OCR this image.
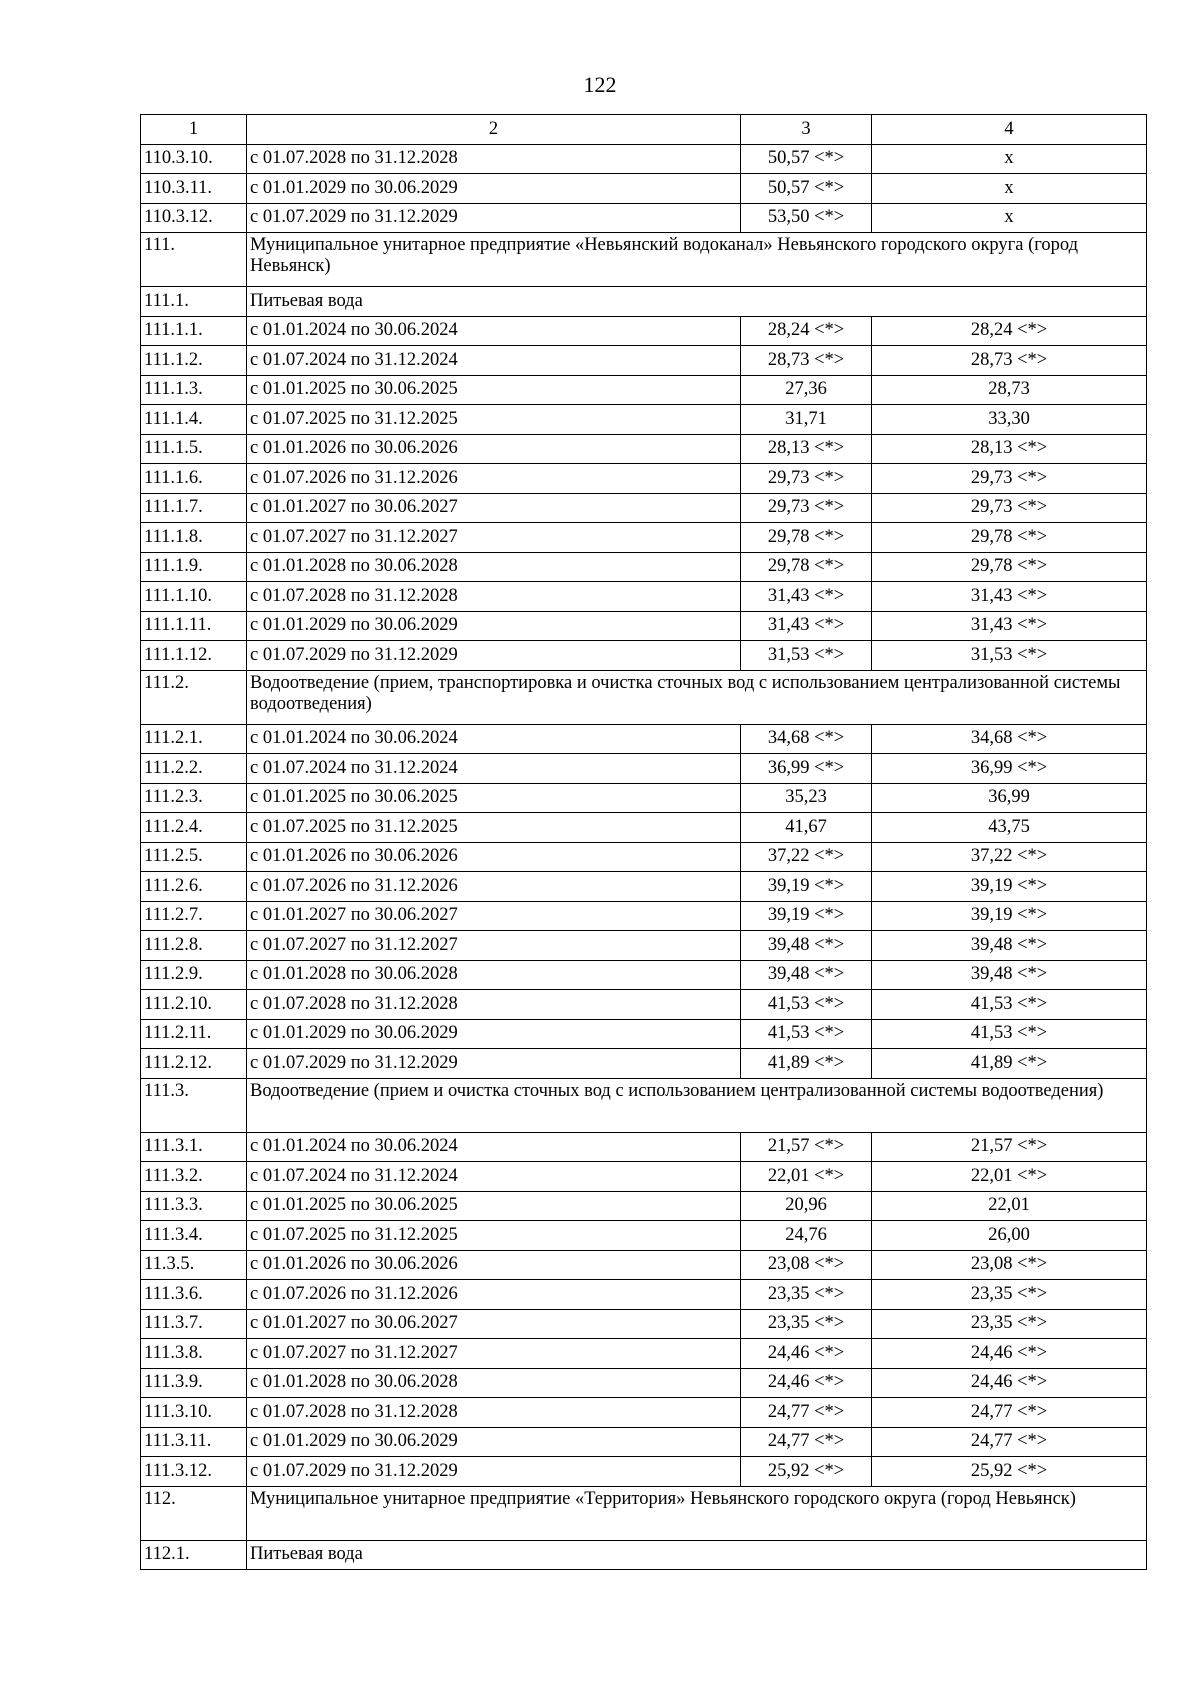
122
1	2	3	4
110.3.10.	с 01.07.2028 по 31.12.2028	50,57 <*>	х
110.3.11.	с 01.01.2029 по 30.06.2029	50,57 <*>	х
110.3.12.	с 01.07.2029 по 31.12.2029	53,50 <*>	х
111.	Муниципальное унитарное предприятие «Невьянский водоканал» Невьянского городского округа (город Невьянск)		
111.1.	Питьевая вода		
111.1.1.	с 01.01.2024 по 30.06.2024	28,24 <*>	28,24 <*>
111.1.2.	с 01.07.2024 по 31.12.2024	28,73 <*>	28,73 <*>
111.1.3.	с 01.01.2025 по 30.06.2025	27,36	28,73
111.1.4.	с 01.07.2025 по 31.12.2025	31,71	33,30
111.1.5.	с 01.01.2026 по 30.06.2026	28,13 <*>	28,13 <*>
111.1.6.	с 01.07.2026 по 31.12.2026	29,73 <*>	29,73 <*>
111.1.7.	с 01.01.2027 по 30.06.2027	29,73 <*>	29,73 <*>
111.1.8.	с 01.07.2027 по 31.12.2027	29,78 <*>	29,78 <*>
111.1.9.	с 01.01.2028 по 30.06.2028	29,78 <*>	29,78 <*>
111.1.10.	с 01.07.2028 по 31.12.2028	31,43 <*>	31,43 <*>
111.1.11.	с 01.01.2029 по 30.06.2029	31,43 <*>	31,43 <*>
111.1.12.	с 01.07.2029 по 31.12.2029	31,53 <*>	31,53 <*>
111.2.	Водоотведение (прием, транспортировка и очистка сточных вод с использованием централизованной системы водоотведения)		
111.2.1.	с 01.01.2024 по 30.06.2024	34,68 <*>	34,68 <*>
111.2.2.	с 01.07.2024 по 31.12.2024	36,99 <*>	36,99 <*>
111.2.3.	с 01.01.2025 по 30.06.2025	35,23	36,99
111.2.4.	с 01.07.2025 по 31.12.2025	41,67	43,75
111.2.5.	с 01.01.2026 по 30.06.2026	37,22 <*>	37,22 <*>
111.2.6.	с 01.07.2026 по 31.12.2026	39,19 <*>	39,19 <*>
111.2.7.	с 01.01.2027 по 30.06.2027	39,19 <*>	39,19 <*>
111.2.8.	с 01.07.2027 по 31.12.2027	39,48 <*>	39,48 <*>
111.2.9.	с 01.01.2028 по 30.06.2028	39,48 <*>	39,48 <*>
111.2.10.	с 01.07.2028 по 31.12.2028	41,53 <*>	41,53 <*>
111.2.11.	с 01.01.2029 по 30.06.2029	41,53 <*>	41,53 <*>
111.2.12.	с 01.07.2029 по 31.12.2029	41,89 <*>	41,89 <*>
111.3.	Водоотведение (прием и очистка сточных вод с использованием централизованной системы водоотведения)		
111.3.1.	с 01.01.2024 по 30.06.2024	21,57 <*>	21,57 <*>
111.3.2.	с 01.07.2024 по 31.12.2024	22,01 <*>	22,01 <*>
111.3.3.	с 01.01.2025 по 30.06.2025	20,96	22,01
111.3.4.	с 01.07.2025 по 31.12.2025	24,76	26,00
11.3.5.	с 01.01.2026 по 30.06.2026	23,08 <*>	23,08 <*>
111.3.6.	с 01.07.2026 по 31.12.2026	23,35 <*>	23,35 <*>
111.3.7.	с 01.01.2027 по 30.06.2027	23,35 <*>	23,35 <*>
111.3.8.	с 01.07.2027 по 31.12.2027	24,46 <*>	24,46 <*>
111.3.9.	с 01.01.2028 по 30.06.2028	24,46 <*>	24,46 <*>
111.3.10.	с 01.07.2028 по 31.12.2028	24,77 <*>	24,77 <*>
111.3.11.	с 01.01.2029 по 30.06.2029	24,77 <*>	24,77 <*>
111.3.12.	с 01.07.2029 по 31.12.2029	25,92 <*>	25,92 <*>
112.	Муниципальное унитарное предприятие «Территория» Невьянского городского округа (город Невьянск)		
112.1.	Питьевая вода		
